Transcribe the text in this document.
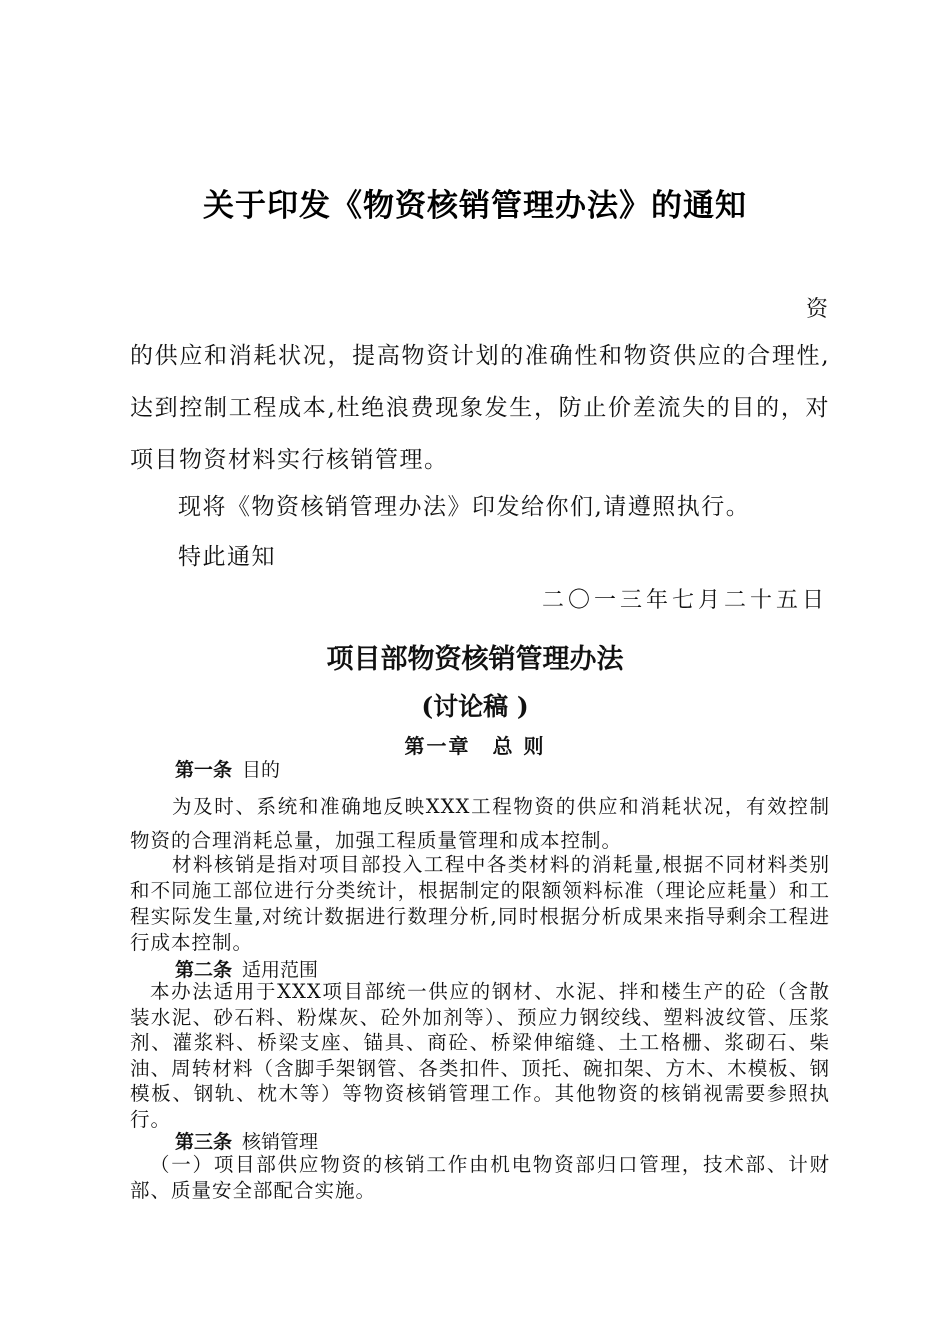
关于印发《物资核销管理办法》的通知
资

的供应和消耗状况，提高物资计划的准确性和物资供应的合理性,达到控制工程成本,杜绝浪费现象发生，防止价差流失的目的，对项目物资材料实行核销管理。

现将《物资核销管理办法》印发给你们,请遵照执行。

特此通知

二〇一三年七月二十五日
项目部物资核销管理办法
(讨论稿 )
第一章　总 则
第一条 目的

为及时、系统和准确地反映XXX工程物资的供应和消耗状况，有效控制物资的合理消耗总量，加强工程质量管理和成本控制。

材料核销是指对项目部投入工程中各类材料的消耗量,根据不同材料类别和不同施工部位进行分类统计，根据制定的限额领料标准（理论应耗量）和工程实际发生量,对统计数据进行数理分析,同时根据分析成果来指导剩余工程进行成本控制。

第二条 适用范围

本办法适用于XXX项目部统一供应的钢材、水泥、拌和楼生产的砼（含散装水泥、砂石料、粉煤灰、砼外加剂等）、预应力钢绞线、塑料波纹管、压浆剂、灌浆料、桥梁支座、锚具、商砼、桥梁伸缩缝、土工格栅、浆砌石、柴油、周转材料（含脚手架钢管、各类扣件、顶托、碗扣架、方木、木模板、钢模板、钢轨、枕木等）等物资核销管理工作。其他物资的核销视需要参照执行。

第三条 核销管理

（一）项目部供应物资的核销工作由机电物资部归口管理，技术部、计财部、质量安全部配合实施。
